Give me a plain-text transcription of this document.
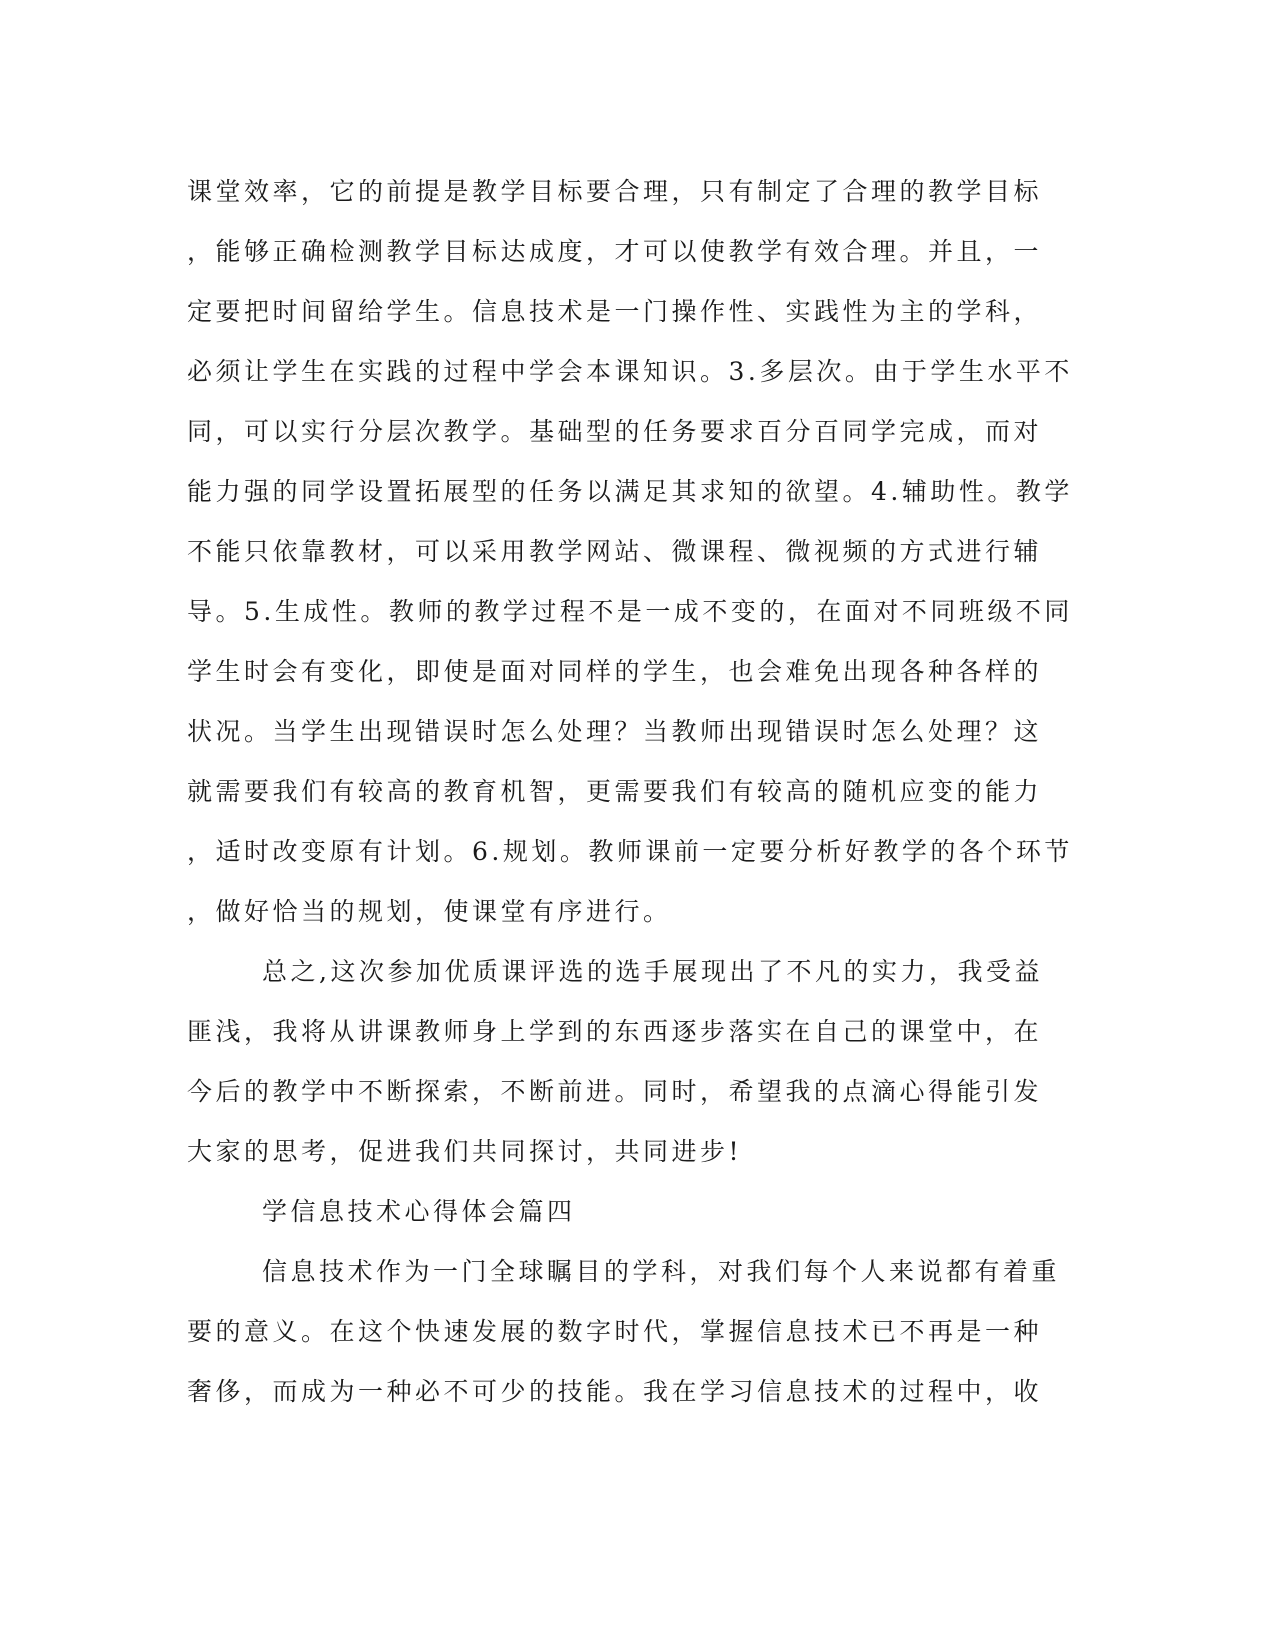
课堂效率，它的前提是教学目标要合理，只有制定了合理的教学目标
，能够正确检测教学目标达成度，才可以使教学有效合理。并且，一
定要把时间留给学生。信息技术是一门操作性、实践性为主的学科，
必须让学生在实践的过程中学会本课知识。3.多层次。由于学生水平不
同，可以实行分层次教学。基础型的任务要求百分百同学完成，而对
能力强的同学设置拓展型的任务以满足其求知的欲望。4.辅助性。教学
不能只依靠教材，可以采用教学网站、微课程、微视频的方式进行辅
导。5.生成性。教师的教学过程不是一成不变的，在面对不同班级不同
学生时会有变化，即使是面对同样的学生，也会难免出现各种各样的
状况。当学生出现错误时怎么处理？当教师出现错误时怎么处理？这
就需要我们有较高的教育机智，更需要我们有较高的随机应变的能力
，适时改变原有计划。6.规划。教师课前一定要分析好教学的各个环节
，做好恰当的规划，使课堂有序进行。
总之,这次参加优质课评选的选手展现出了不凡的实力，我受益
匪浅，我将从讲课教师身上学到的东西逐步落实在自己的课堂中，在
今后的教学中不断探索，不断前进。同时，希望我的点滴心得能引发
大家的思考，促进我们共同探讨，共同进步!
学信息技术心得体会篇四
信息技术作为一门全球瞩目的学科，对我们每个人来说都有着重
要的意义。在这个快速发展的数字时代，掌握信息技术已不再是一种
奢侈，而成为一种必不可少的技能。我在学习信息技术的过程中，收
